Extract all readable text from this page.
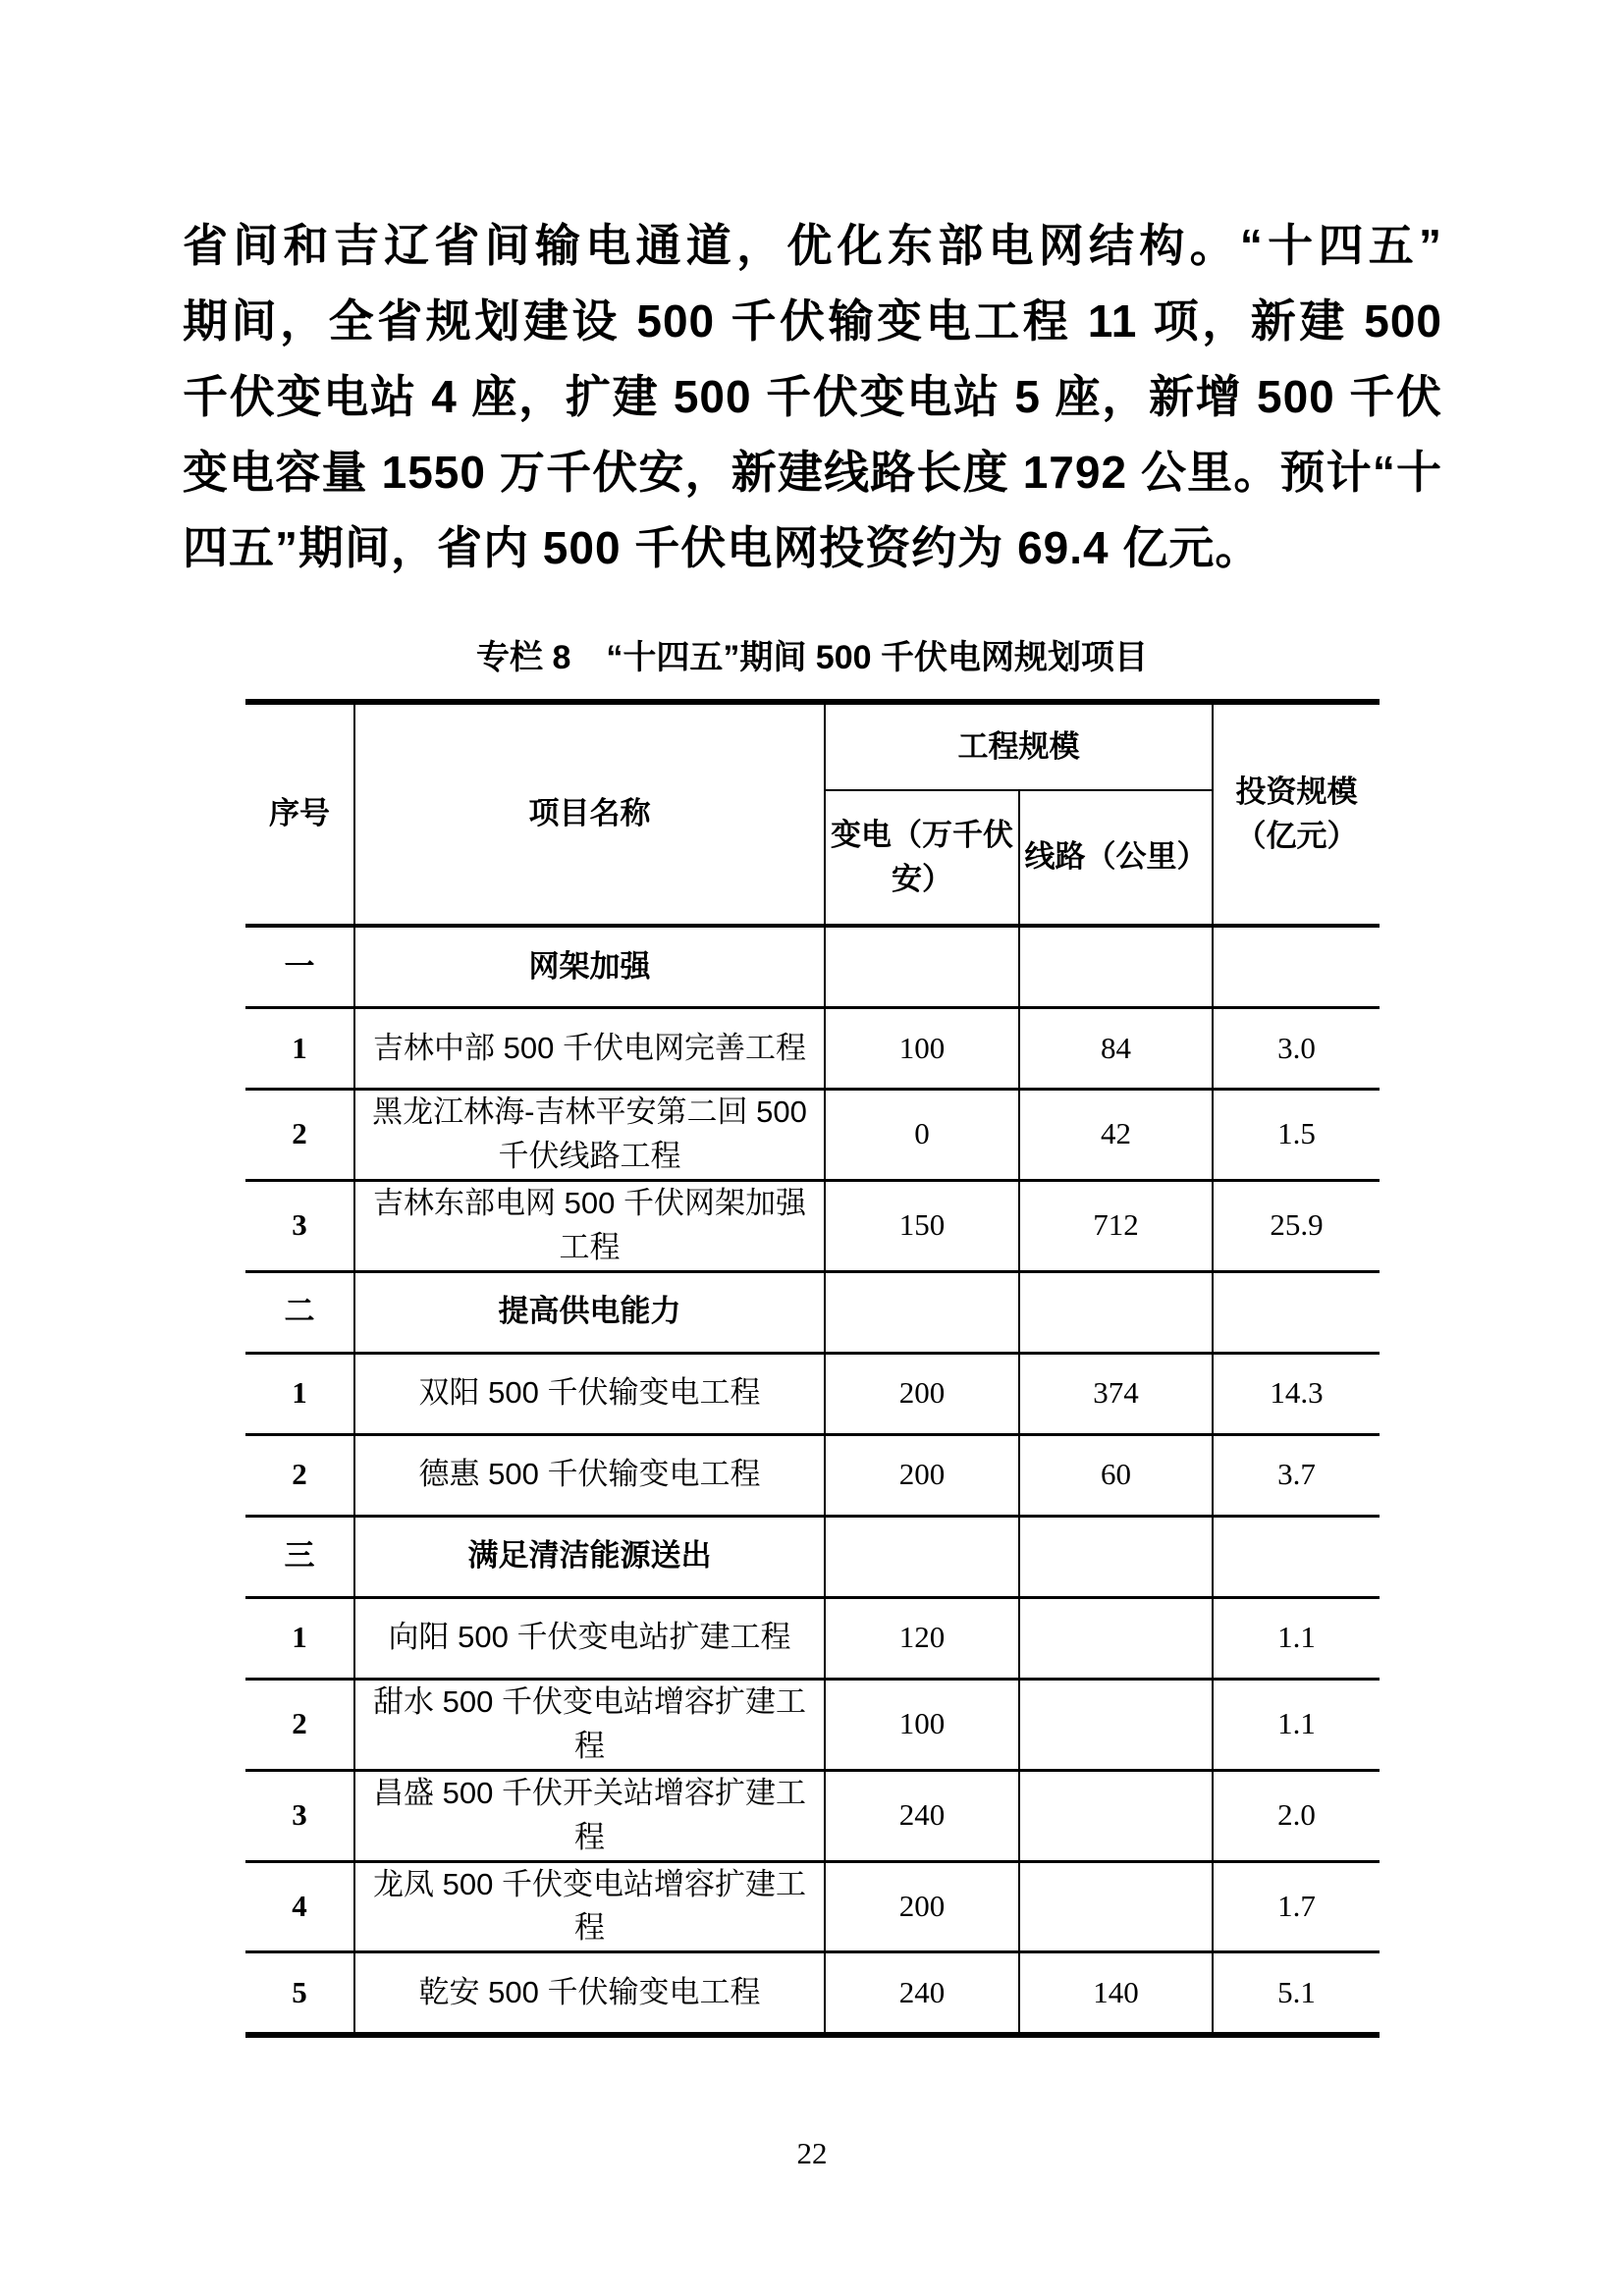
省间和吉辽省间输电通道，优化东部电网结构。“十四五”
期间，全省规划建设 500 千伏输变电工程 11 项，新建 500
千伏变电站 4 座，扩建 500 千伏变电站 5 座，新增 500 千伏
变电容量 1550 万千伏安，新建线路长度 1792 公里。预计“十
四五”期间，省内 500 千伏电网投资约为 69.4 亿元。
专栏 8 “十四五”期间 500 千伏电网规划项目
序号	项目名称	工程规模		投资规模（亿元）
		变电（万千伏安）	线路（公里）	
一	网架加强			
1	吉林中部 500 千伏电网完善工程	100	84	3.0
2	黑龙江林海-吉林平安第二回 500 千伏线路工程	0	42	1.5
3	吉林东部电网 500 千伏网架加强工程	150	712	25.9
二	提高供电能力			
1	双阳 500 千伏输变电工程	200	374	14.3
2	德惠 500 千伏输变电工程	200	60	3.7
三	满足清洁能源送出			
1	向阳 500 千伏变电站扩建工程	120		1.1
2	甜水 500 千伏变电站增容扩建工程	100		1.1
3	昌盛 500 千伏开关站增容扩建工程	240		2.0
4	龙凤 500 千伏变电站增容扩建工程	200		1.7
5	乾安 500 千伏输变电工程	240	140	5.1
22
